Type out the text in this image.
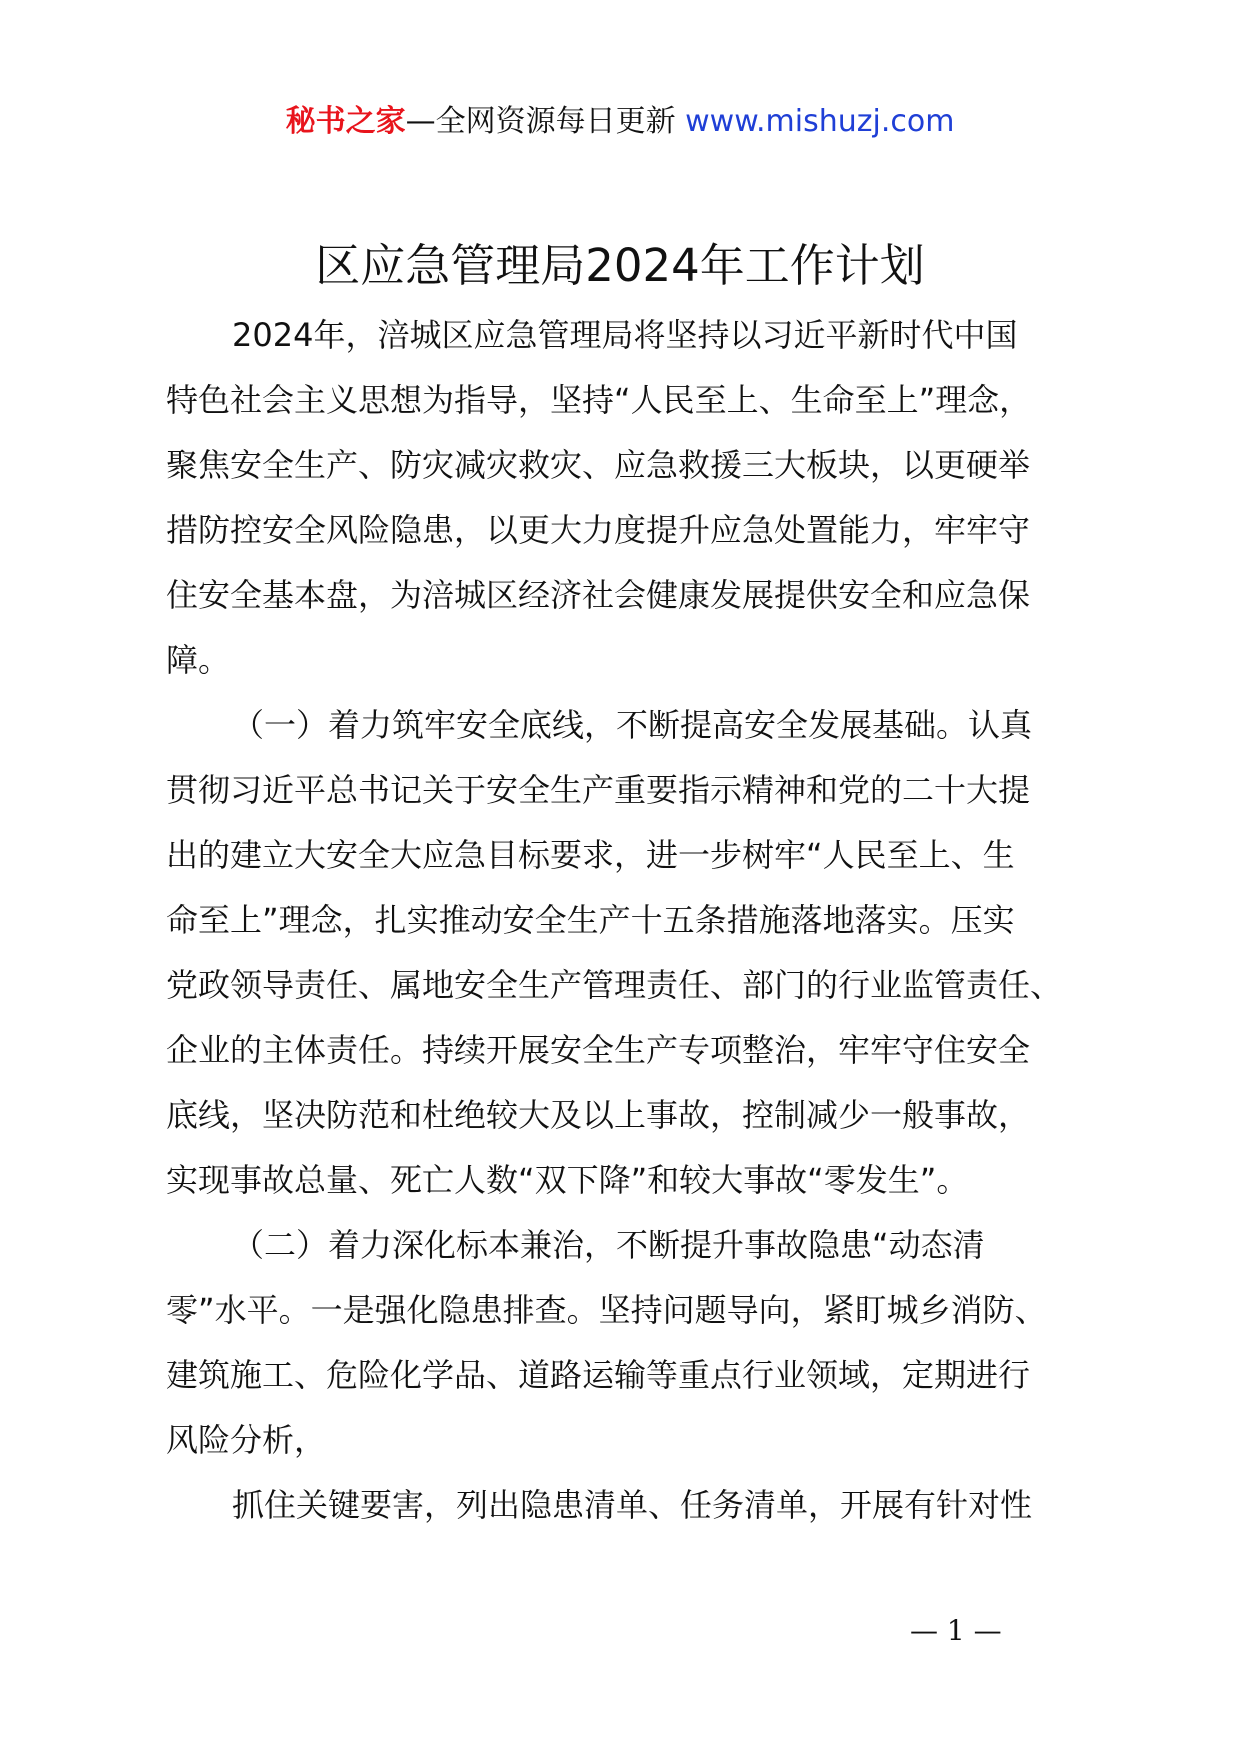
秘书之家—全网资源每日更新 www.mishuzj.com
区应急管理局2024年工作计划
2024年，涪城区应急管理局将坚持以习近平新时代中国
特色社会主义思想为指导，坚持“人民至上、生命至上”理念，
聚焦安全生产、防灾减灾救灾、应急救援三大板块，以更硬举
措防控安全风险隐患，以更大力度提升应急处置能力，牢牢守
住安全基本盘，为涪城区经济社会健康发展提供安全和应急保
障。
（一）着力筑牢安全底线，不断提高安全发展基础。认真
贯彻习近平总书记关于安全生产重要指示精神和党的二十大提
出的建立大安全大应急目标要求，进一步树牢“人民至上、生
命至上”理念，扎实推动安全生产十五条措施落地落实。压实
党政领导责任、属地安全生产管理责任、部门的行业监管责任、
企业的主体责任。持续开展安全生产专项整治，牢牢守住安全
底线，坚决防范和杜绝较大及以上事故，控制减少一般事故，
实现事故总量、死亡人数“双下降”和较大事故“零发生”。
（二）着力深化标本兼治，不断提升事故隐患“动态清
零”水平。一是强化隐患排查。坚持问题导向，紧盯城乡消防、
建筑施工、危险化学品、道路运输等重点行业领域，定期进行
风险分析，
抓住关键要害，列出隐患清单、任务清单，开展有针对性
— 1 —
